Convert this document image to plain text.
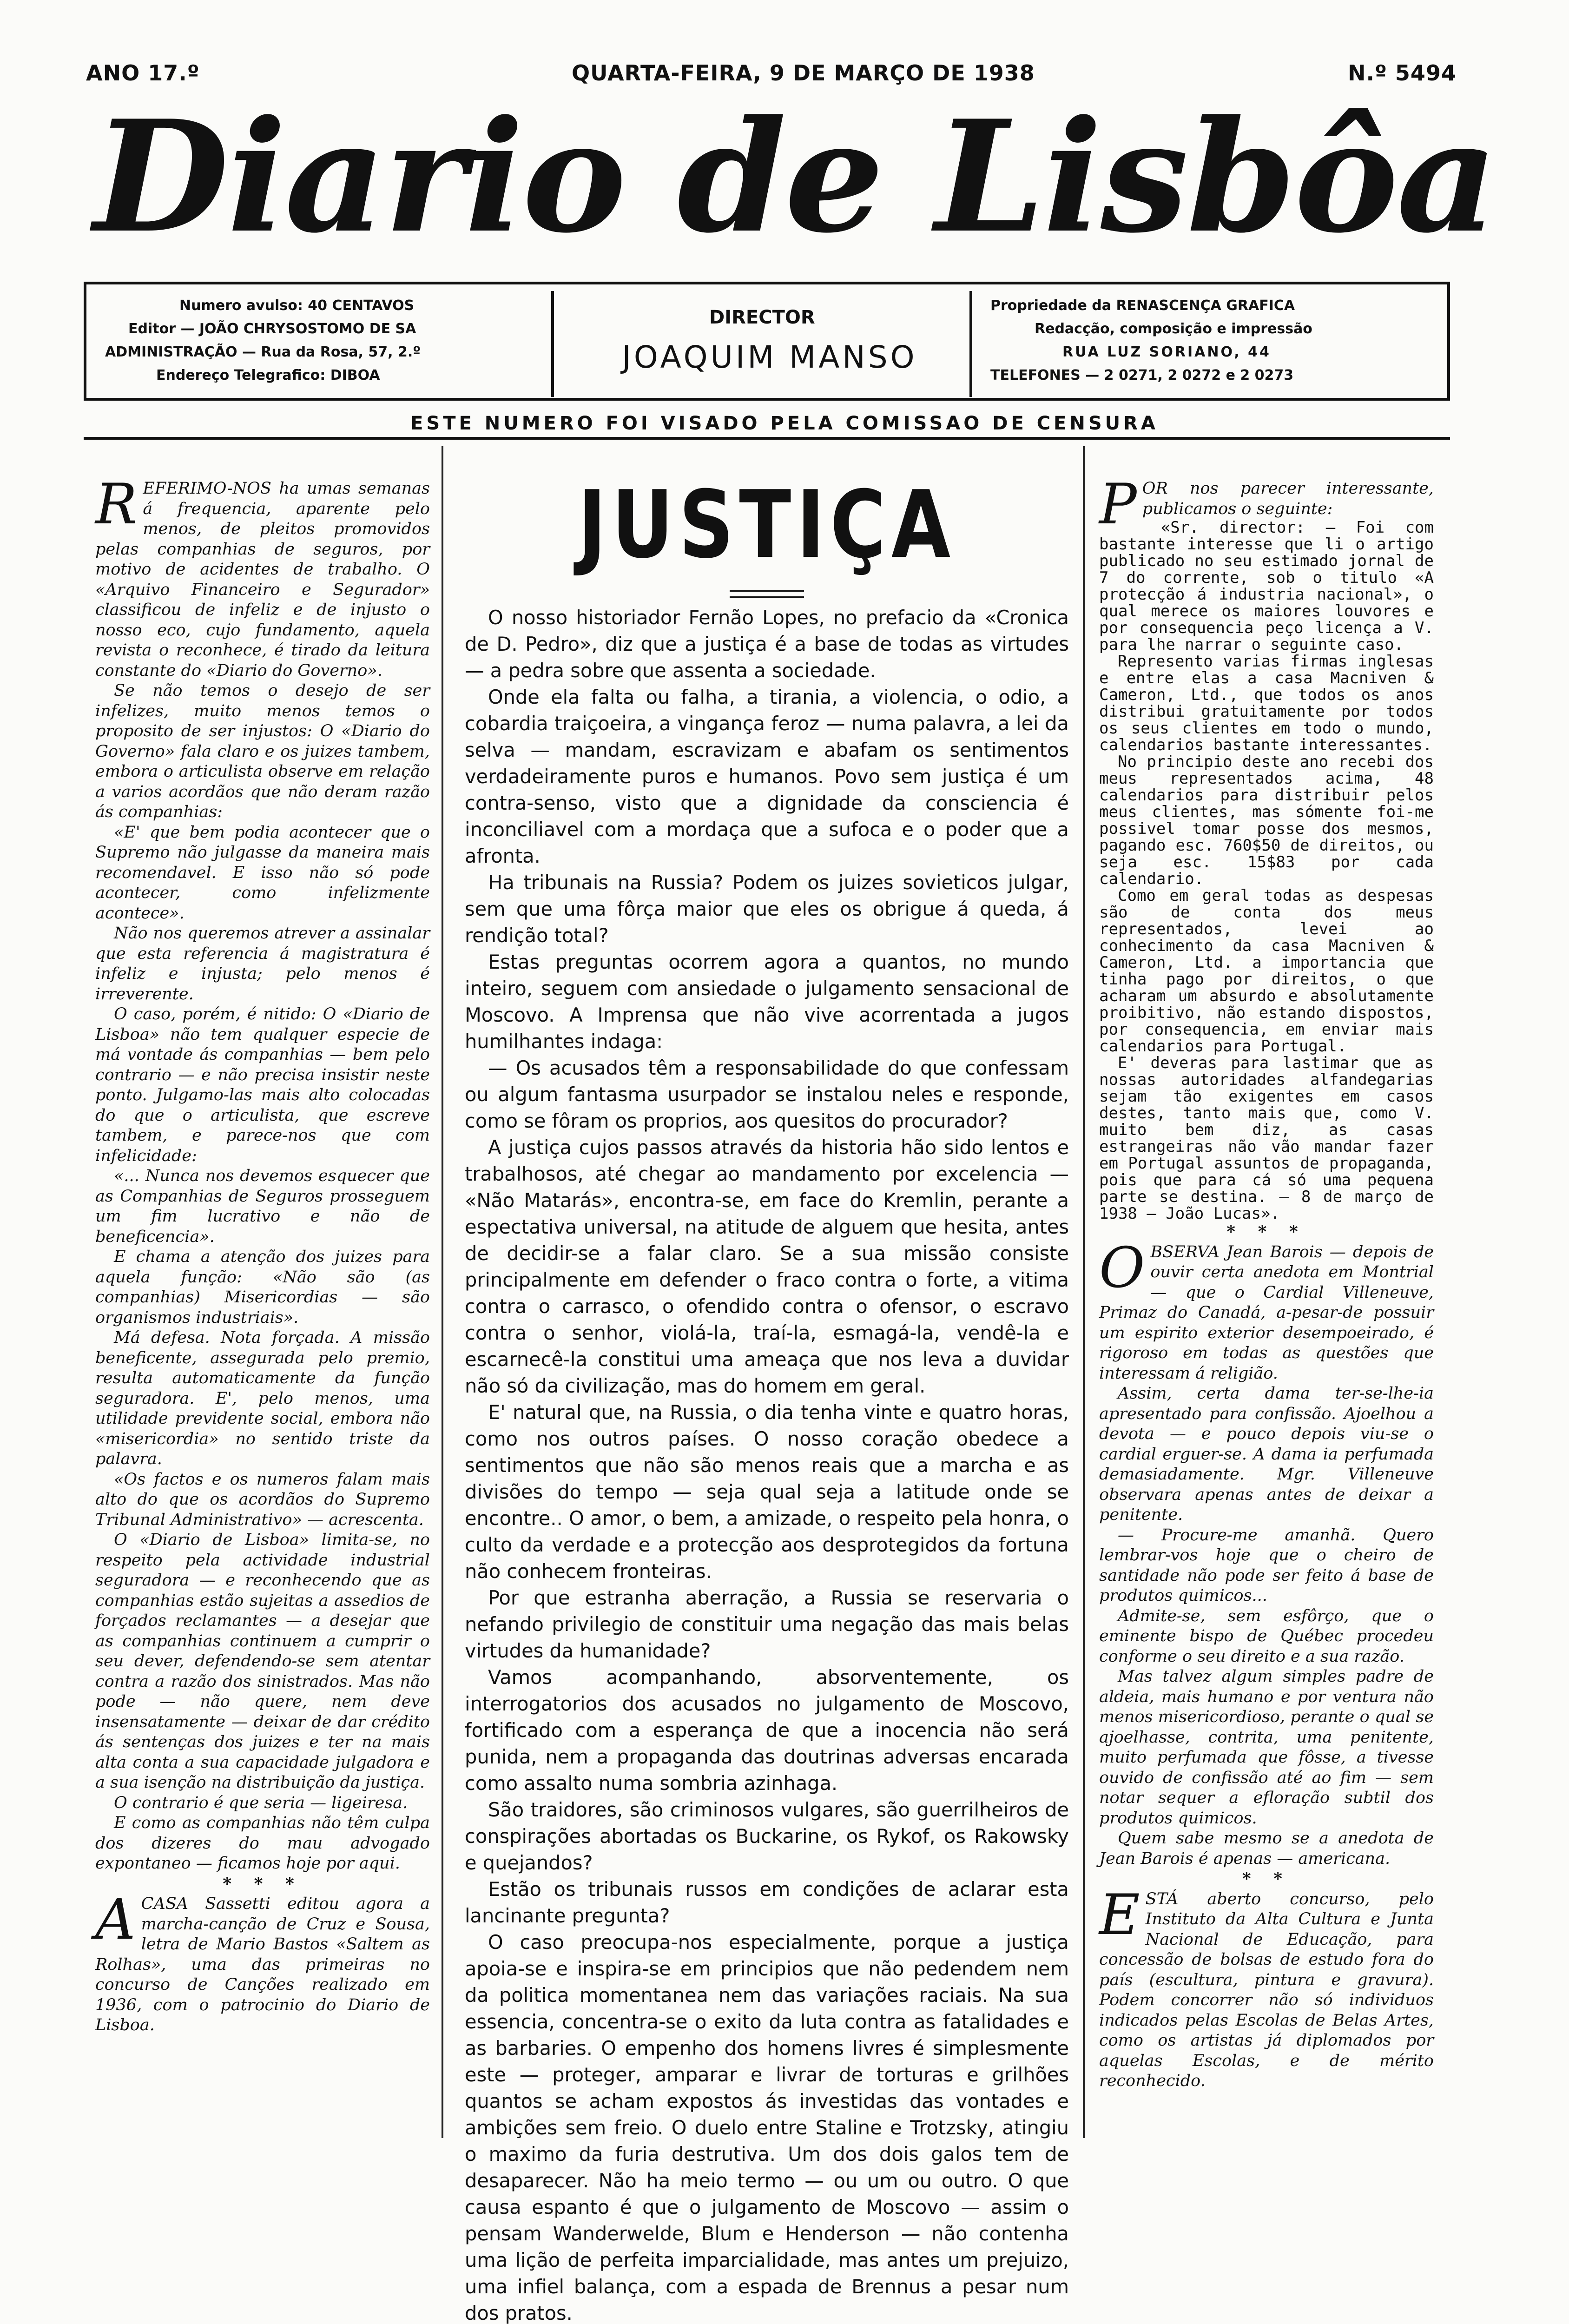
ANO 17.º	QUARTA-FEIRA, 9 DE MARÇO DE 1938	N.º 5494
Diario de Lisbôa
Numero avulso: 40 CENTAVOS
Editor — JOÃO CHRYSOSTOMO DE SA
ADMINISTRAÇÃO — Rua da Rosa, 57, 2.º
Endereço Telegrafico: DIBOA
DIRECTOR
JOAQUIM MANSO
Propriedade da RENASCENÇA GRAFICA
Redacção, composição e impressão
RUA LUZ SORIANO, 44
TELEFONES — 2 0271, 2 0272 e 2 0273
ESTE NUMERO FOI VISADO PELA COMISSAO DE CENSURA

REFERIMO-NOS ha umas semanas á frequencia, aparente pelo menos, de pleitos promovidos pelas companhias de seguros, por motivo de acidentes de trabalho. O «Arquivo Financeiro e Segurador» classificou de infeliz e de injusto o nosso eco, cujo fundamento, aquela revista o reconhece, é tirado da leitura constante do «Diario do Governo».

Se não temos o desejo de ser infelizes, muito menos temos o proposito de ser injustos: O «Diario do Governo» fala claro e os juizes tambem, embora o articulista observe em relação a varios acordãos que não deram razão ás companhias:

«E' que bem podia acontecer que o Supremo não julgasse da maneira mais recomendavel. E isso não só pode acontecer, como infelizmente acontece».

Não nos queremos atrever a assinalar que esta referencia á magistratura é infeliz e injusta; pelo menos é irreverente.

O caso, porém, é nitido: O «Diario de Lisboa» não tem qualquer especie de má vontade ás companhias — bem pelo contrario — e não precisa insistir neste ponto. Julgamo-las mais alto colocadas do que o articulista, que escreve tambem, e parece-nos que com infelicidade:

«... Nunca nos devemos esquecer que as Companhias de Seguros prosseguem um fim lucrativo e não de beneficencia».

E chama a atenção dos juizes para aquela função: «Não são (as companhias) Misericordias — são organismos industriais».

Má defesa. Nota forçada. A missão beneficente, assegurada pelo premio, resulta automaticamente da função seguradora. E', pelo menos, uma utilidade previdente social, embora não «misericordia» no sentido triste da palavra.

«Os factos e os numeros falam mais alto do que os acordãos do Supremo Tribunal Administrativo» — acrescenta.

O «Diario de Lisboa» limita-se, no respeito pela actividade industrial seguradora — e reconhecendo que as companhias estão sujeitas a assedios de forçados reclamantes — a desejar que as companhias continuem a cumprir o seu dever, defendendo-se sem atentar contra a razão dos sinistrados. Mas não pode — não quere, nem deve insensatamente — deixar de dar crédito ás sentenças dos juizes e ter na mais alta conta a sua capacidade julgadora e a sua isenção na distribuição da justiça.

O contrario é que seria — ligeiresa.

E como as companhias não têm culpa dos dizeres do mau advogado expontaneo — ficamos hoje por aqui.

* * *

ACASA Sassetti editou agora a marcha-canção de Cruz e Sousa, letra de Mario Bastos «Saltem as Rolhas», uma das primeiras no concurso de Canções realizado em 1936, com o patrocinio do Diario de Lisboa.

JUSTIÇA

O nosso historiador Fernão Lopes, no prefacio da «Cronica de D. Pedro», diz que a justiça é a base de todas as virtudes — a pedra sobre que assenta a sociedade.

Onde ela falta ou falha, a tirania, a violencia, o odio, a cobardia traiçoeira, a vingança feroz — numa palavra, a lei da selva — mandam, escravizam e abafam os sentimentos verdadeiramente puros e humanos. Povo sem justiça é um contra-senso, visto que a dignidade da consciencia é inconciliavel com a mordaça que a sufoca e o poder que a afronta.

Ha tribunais na Russia? Podem os juizes sovieticos julgar, sem que uma fôrça maior que eles os obrigue á queda, á rendição total?

Estas preguntas ocorrem agora a quantos, no mundo inteiro, seguem com ansiedade o julgamento sensacional de Moscovo. A Imprensa que não vive acorrentada a jugos humilhantes indaga:

— Os acusados têm a responsabilidade do que confessam ou algum fantasma usurpador se instalou neles e responde, como se fôram os proprios, aos quesitos do procurador?

A justiça cujos passos através da historia hão sido lentos e trabalhosos, até chegar ao mandamento por excelencia — «Não Matarás», encontra-se, em face do Kremlin, perante a espectativa universal, na atitude de alguem que hesita, antes de decidir-se a falar claro. Se a sua missão consiste principalmente em defender o fraco contra o forte, a vitima contra o carrasco, o ofendido contra o ofensor, o escravo contra o senhor, violá-la, traí-la, esmagá-la, vendê-la e escarnecê-la constitui uma ameaça que nos leva a duvidar não só da civilização, mas do homem em geral.

E' natural que, na Russia, o dia tenha vinte e quatro horas, como nos outros países. O nosso coração obedece a sentimentos que não são menos reais que a marcha e as divisões do tempo — seja qual seja a latitude onde se encontre.. O amor, o bem, a amizade, o respeito pela honra, o culto da verdade e a protecção aos desprotegidos da fortuna não conhecem fronteiras.

Por que estranha aberração, a Russia se reservaria o nefando privilegio de constituir uma negação das mais belas virtudes da humanidade?

Vamos acompanhando, absorventemente, os interrogatorios dos acusados no julgamento de Moscovo, fortificado com a esperança de que a inocencia não será punida, nem a propaganda das doutrinas adversas encarada como assalto numa sombria azinhaga.

São traidores, são criminosos vulgares, são guerrilheiros de conspirações abortadas os Buckarine, os Rykof, os Rakowsky e quejandos?

Estão os tribunais russos em condições de aclarar esta lancinante pregunta?

O caso preocupa-nos especialmente, porque a justiça apoia-se e inspira-se em principios que não pedendem nem da politica momentanea nem das variações raciais. Na sua essencia, concentra-se o exito da luta contra as fatalidades e as barbaries. O empenho dos homens livres é simplesmente este — proteger, amparar e livrar de torturas e grilhões quantos se acham expostos ás investidas das vontades e ambições sem freio. O duelo entre Staline e Trotzsky, atingiu o maximo da furia destrutiva. Um dos dois galos tem de desaparecer. Não ha meio termo — ou um ou outro. O que causa espanto é que o julgamento de Moscovo — assim o pensam Wanderwelde, Blum e Henderson — não contenha uma lição de perfeita imparcialidade, mas antes um prejuizo, uma infiel balança, com a espada de Brennus a pesar num dos pratos.

POR nos parecer interessante, publicamos o seguinte:

«Sr. director: — Foi com bastante interesse que li o artigo publicado no seu estimado jornal de 7 do corrente, sob o titulo «A protecção á industria nacional», o qual merece os maiores louvores e por consequencia peço licença a V. para lhe narrar o seguinte caso.

Represento varias firmas inglesas e entre elas a casa Macniven & Cameron, Ltd., que todos os anos distribui gratuitamente por todos os seus clientes em todo o mundo, calendarios bastante interessantes.

No principio deste ano recebi dos meus representados acima, 48 calendarios para distribuir pelos meus clientes, mas sómente foi-me possivel tomar posse dos mesmos, pagando esc. 760$50 de direitos, ou seja esc. 15$83 por cada calendario.

Como em geral todas as despesas são de conta dos meus representados, levei ao conhecimento da casa Macniven & Cameron, Ltd. a importancia que tinha pago por direitos, o que acharam um absurdo e absolutamente proibitivo, não estando dispostos, por consequencia, em enviar mais calendarios para Portugal.

E' deveras para lastimar que as nossas autoridades alfandegarias sejam tão exigentes em casos destes, tanto mais que, como V. muito bem diz, as casas estrangeiras não vão mandar fazer em Portugal assuntos de propaganda, pois que para cá só uma pequena parte se destina. — 8 de março de 1938 — João Lucas».

* * *

OBSERVA Jean Barois — depois de ouvir certa anedota em Montrial — que o Cardial Villeneuve, Primaz do Canadá, a-pesar-de possuir um espirito exterior desempoeirado, é rigoroso em todas as questões que interessam á religião.

Assim, certa dama ter-se-lhe-ia apresentado para confissão. Ajoelhou a devota — e pouco depois viu-se o cardial erguer-se. A dama ia perfumada demasiadamente. Mgr. Villeneuve observara apenas antes de deixar a penitente.

— Procure-me amanhã. Quero lembrar-vos hoje que o cheiro de santidade não pode ser feito á base de produtos quimicos...

Admite-se, sem esfôrço, que o eminente bispo de Québec procedeu conforme o seu direito e a sua razão.

Mas talvez algum simples padre de aldeia, mais humano e por ventura não menos misericordioso, perante o qual se ajoelhasse, contrita, uma penitente, muito perfumada que fôsse, a tivesse ouvido de confissão até ao fim — sem notar sequer a efloração subtil dos produtos quimicos.

Quem sabe mesmo se a anedota de Jean Barois é apenas — americana.

* *

ESTÁ aberto concurso, pelo Instituto da Alta Cultura e Junta Nacional de Educação, para concessão de bolsas de estudo fora do país (escultura, pintura e gravura). Podem concorrer não só individuos indicados pelas Escolas de Belas Artes, como os artistas já diplomados por aquelas Escolas, e de mérito reconhecido.
